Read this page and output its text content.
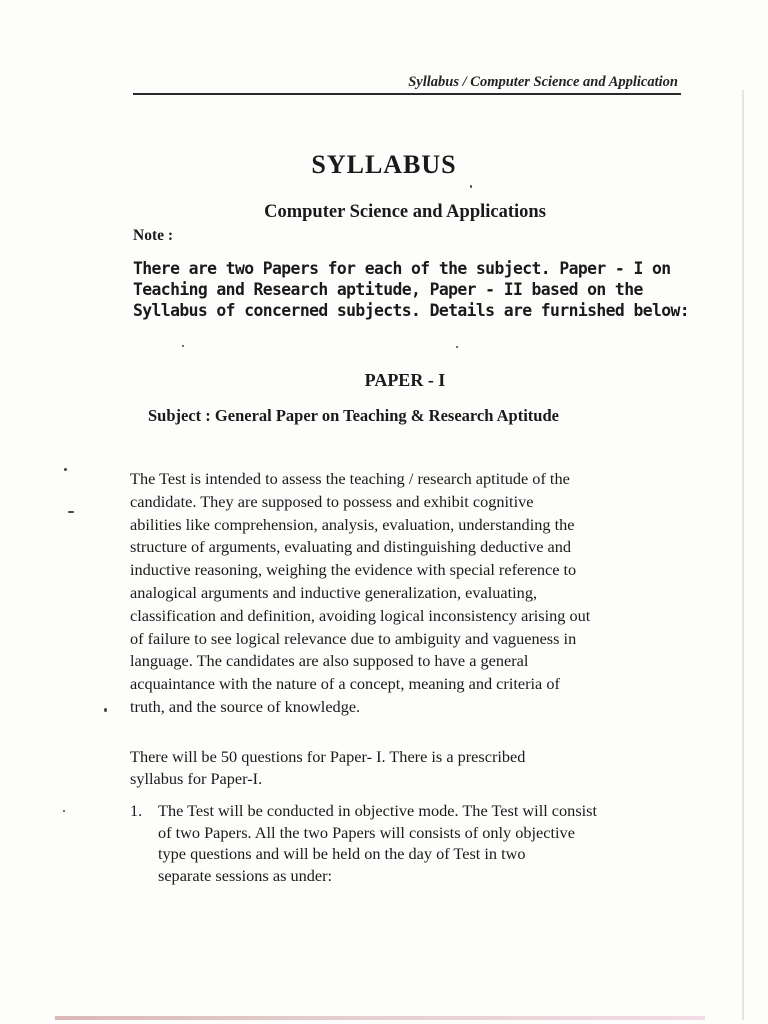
Syllabus / Computer Science and Application
SYLLABUS
Computer Science and Applications
Note :
There are two Papers for each of the subject. Paper - I on
Teaching and Research aptitude, Paper - II based on the
Syllabus of concerned subjects. Details are furnished below:
PAPER - I
Subject : General Paper on Teaching & Research Aptitude
The Test is intended to assess the teaching / research aptitude of the
candidate. They are supposed to possess and exhibit cognitive
abilities like comprehension, analysis, evaluation, understanding the
structure of arguments, evaluating and distinguishing deductive and
inductive reasoning, weighing the evidence with special reference to
analogical arguments and inductive generalization, evaluating,
classification and definition, avoiding logical inconsistency arising out
of failure to see logical relevance due to ambiguity and vagueness in
language. The candidates are also supposed to have a general
acquaintance with the nature of a concept, meaning and criteria of
truth, and the source of knowledge.
There will be 50 questions for Paper- I. There is a prescribed
syllabus for Paper-I.
1. The Test will be conducted in objective mode. The Test will consist
of two Papers. All the two Papers will consists of only objective
type questions and will be held on the day of Test in two
separate sessions as under:
